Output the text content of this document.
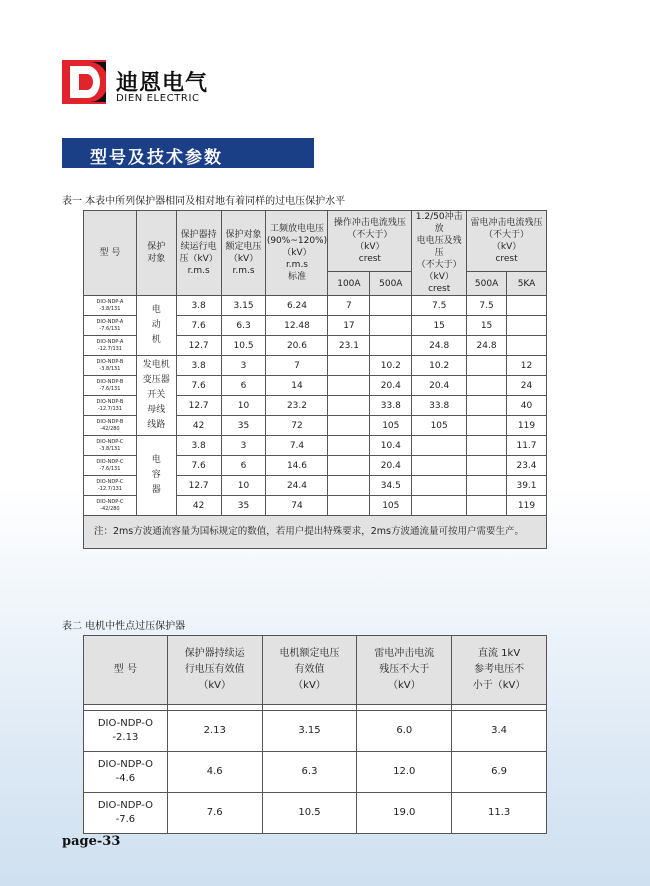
迪恩电气
DIEN ELECTRIC
型号及技术参数
表一 本表中所列保护器相同及相对地有着同样的过电压保护水平
型 号	保护
对象	保护器持
续运行电
压（kV）
r.m.s	保护对象
额定电压
（kV）
r.m.s	工频放电电压
(90%~120%)
（kV）
r.m.s
标准	操作冲击电流残压
（不大于）
（kV）
crest		1.2/50冲击放
电电压及残压
（不大于）
（kV）
crest	雷电冲击电流残压
（不大于）
（kV）
crest	
					100A	500A		500A	5KA
DIO-NDP-A
-3.8/131	电
动
机	3.8	3.15	6.24	7		7.5	7.5	
DIO-NDP-A
-7.6/131		7.6	6.3	12.48	17		15	15	
DIO-NDP-A
-12.7/131		12.7	10.5	20.6	23.1		24.8	24.8	
DIO-NDP-B
-3.8/131	发电机
变压器
开关
母线
线路	3.8	3	7		10.2	10.2		12
DIO-NDP-B
-7.6/131		7.6	6	14		20.4	20.4		24
DIO-NDP-B
-12.7/131		12.7	10	23.2		33.8	33.8		40
DIO-NDP-B
-42/280		42	35	72		105	105		119
DIO-NDP-C
-3.8/131	电
容
器	3.8	3	7.4		10.4			11.7
DIO-NDP-C
-7.6/131		7.6	6	14.6		20.4			23.4
DIO-NDP-C
-12.7/131		12.7	10	24.4		34.5			39.1
DIO-NDP-C
-42/280		42	35	74		105			119
注：2ms方波通流容量为国标规定的数值，若用户提出特殊要求，2ms方波通流量可按用户需要生产。									
表二 电机中性点过压保护器
型 号	保护器持续运
行电压有效值
（kV）	电机额定电压
有效值
（kV）	雷电冲击电流
残压不大于
（kV）	直流 1kV
参考电压不
小于（kV）

DIO-NDP-O
-2.13	2.13	3.15	6.0	3.4
DIO-NDP-O
-4.6	4.6	6.3	12.0	6.9
DIO-NDP-O
-7.6	7.6	10.5	19.0	11.3
page-33
